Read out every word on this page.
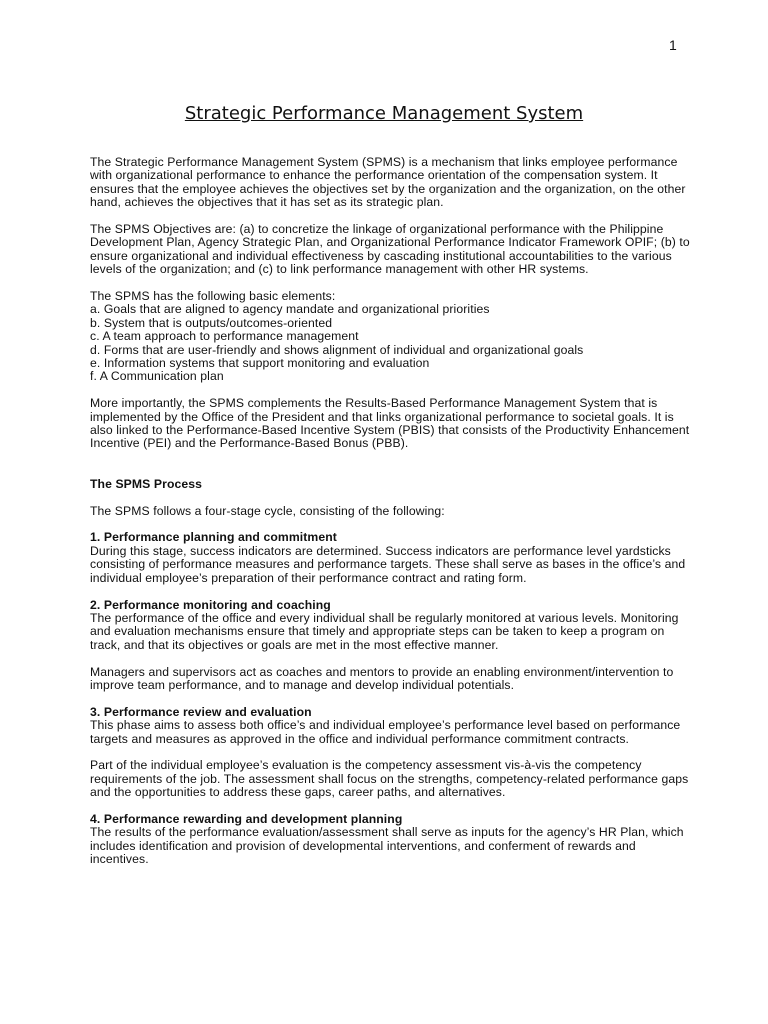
1
Strategic Performance Management System

The Strategic Performance Management System (SPMS) is a mechanism that links employee performance with organizational performance to enhance the performance orientation of the compensation system. It ensures that the employee achieves the objectives set by the organization and the organization, on the other hand, achieves the objectives that it has set as its strategic plan.

The SPMS Objectives are: (a) to concretize the linkage of organizational performance with the Philippine Development Plan, Agency Strategic Plan, and Organizational Performance Indicator Framework OPIF; (b) to ensure organizational and individual effectiveness by cascading institutional accountabilities to the various levels of the organization; and (c) to link performance management with other HR systems.

The SPMS has the following basic elements:
a. Goals that are aligned to agency mandate and organizational priorities
b. System that is outputs/outcomes-oriented
c. A team approach to performance management
d. Forms that are user-friendly and shows alignment of individual and organizational goals
e. Information systems that support monitoring and evaluation
f. A Communication plan

More importantly, the SPMS complements the Results-Based Performance Management System that is implemented by the Office of the President and that links organizational performance to societal goals. It is also linked to the Performance-Based Incentive System (PBIS) that consists of the Productivity Enhancement Incentive (PEI) and the Performance-Based Bonus (PBB).

The SPMS Process

The SPMS follows a four-stage cycle, consisting of the following:

1. Performance planning and commitment

During this stage, success indicators are determined. Success indicators are performance level yardsticks consisting of performance measures and performance targets. These shall serve as bases in the office’s and individual employee’s preparation of their performance contract and rating form.

2. Performance monitoring and coaching

The performance of the office and every individual shall be regularly monitored at various levels. Monitoring and evaluation mechanisms ensure that timely and appropriate steps can be taken to keep a program on track, and that its objectives or goals are met in the most effective manner.

Managers and supervisors act as coaches and mentors to provide an enabling environment/intervention to improve team performance, and to manage and develop individual potentials.

3. Performance review and evaluation

This phase aims to assess both office’s and individual employee’s performance level based on performance targets and measures as approved in the office and individual performance commitment contracts.

Part of the individual employee’s evaluation is the competency assessment vis-à-vis the competency requirements of the job. The assessment shall focus on the strengths, competency-related performance gaps and the opportunities to address these gaps, career paths, and alternatives.

4. Performance rewarding and development planning

The results of the performance evaluation/assessment shall serve as inputs for the agency’s HR Plan, which includes identification and provision of developmental interventions, and conferment of rewards and incentives.
